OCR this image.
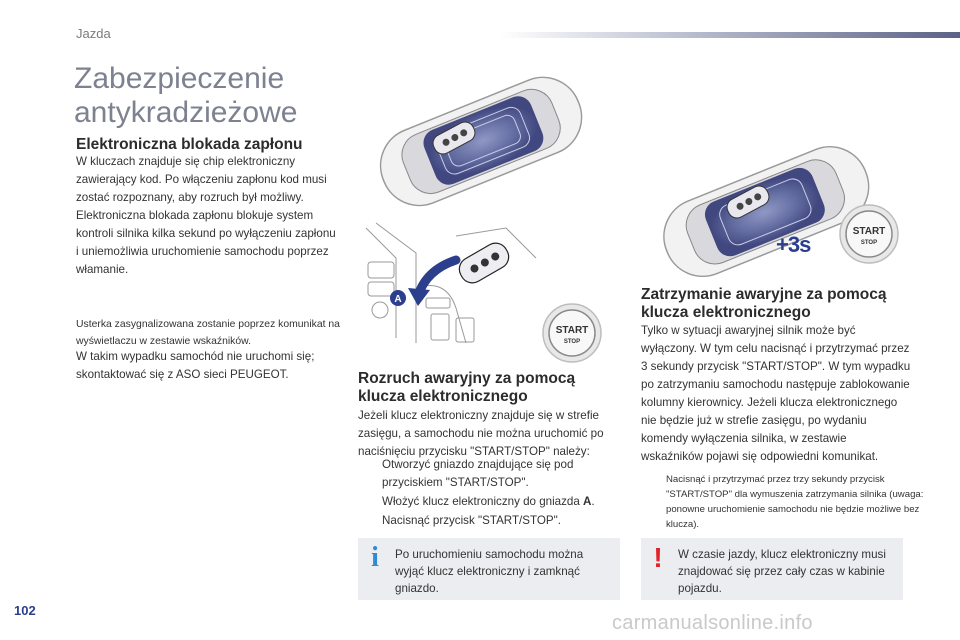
Jazda
Zabezpieczenie antykradzieżowe
A
START
STOP
START
STOP
+3s
Elektroniczna blokada zapłonu

W kluczach znajduje się chip elektroniczny zawierający kod. Po włączeniu zapłonu kod musi zostać rozpoznany, aby rozruch był możliwy. Elektroniczna blokada zapłonu blokuje system kontroli silnika kilka sekund po wyłączeniu zapłonu i uniemożliwia uruchomienie samochodu poprzez włamanie.

Usterka zasygnalizowana zostanie poprzez komunikat na wyświetlaczu w zestawie wskaźników.

W takim wypadku samochód nie uruchomi się; skontaktować się z ASO sieci PEUGEOT.	Rozruch awaryjny za pomocą klucza elektronicznego

Jeżeli klucz elektroniczny znajduje się w strefie zasięgu, a samochodu nie można uruchomić po naciśnięciu przycisku "START/STOP" należy:

Otworzyć gniazdo znajdujące się pod przyciskiem "START/STOP".
Włożyć klucz elektroniczny do gniazda A.
Nacisnąć przycisk "START/STOP".
i	Po uruchomieniu samochodu można wyjąć klucz elektroniczny i zamknąć gniazdo.
Zatrzymanie awaryjne za pomocą klucza elektronicznego

Tylko w sytuacji awaryjnej silnik może być wyłączony. W tym celu nacisnąć i przytrzymać przez 3 sekundy przycisk "START/STOP". W tym wypadku po zatrzymaniu samochodu następuje zablokowanie kolumny kierownicy. Jeżeli klucza elektronicznego nie będzie już w strefie zasięgu, po wydaniu komendy wyłączenia silnika, w zestawie wskaźników pojawi się odpowiedni komunikat.

Nacisnąć i przytrzymać przez trzy sekundy przycisk "START/STOP" dla wymuszenia zatrzymania silnika (uwaga: ponowne uruchomienie samochodu nie będzie możliwe bez klucza).
!	W czasie jazdy, klucz elektroniczny musi znajdować się przez cały czas w kabinie pojazdu.
102
carmanualsonline.info
